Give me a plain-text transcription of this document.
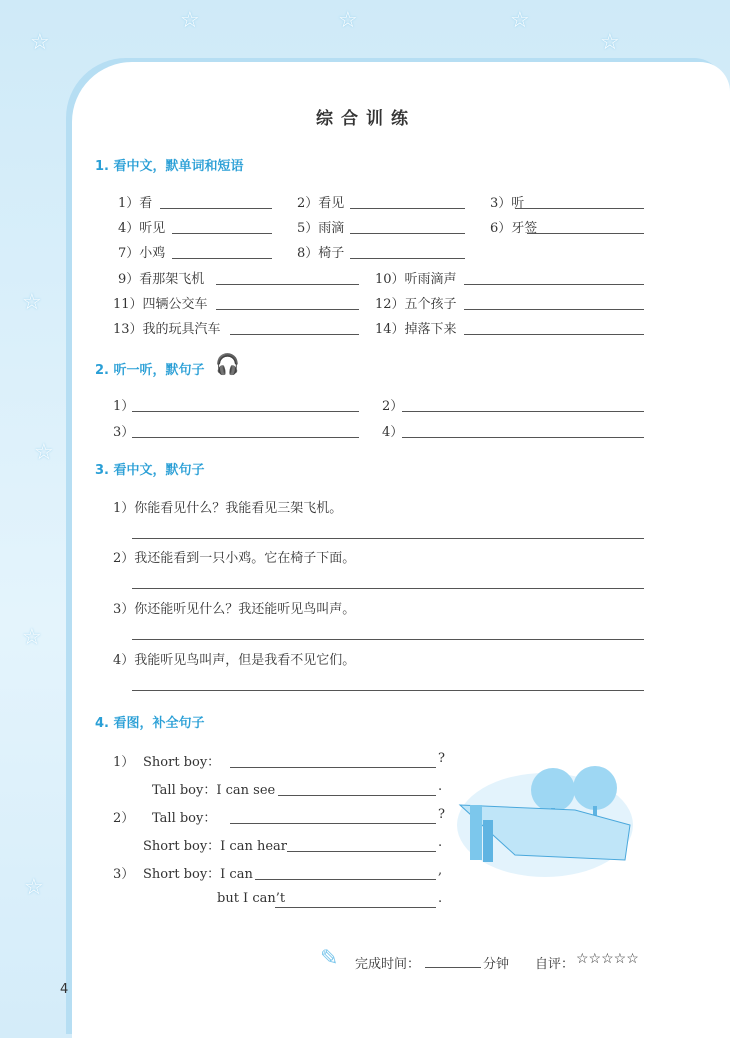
☆
☆	☆	☆
☆
☆
☆
☆
☆
综合训练
1. 看中文，默单词和短语
1）看	2）看见	3）听
4）听见	5）雨滴	6）牙签
7）小鸡	8）椅子
9）看那架飞机	10）听雨滴声
11）四辆公交车	12）五个孩子
13）我的玩具汽车	14）掉落下来
2. 听一听，默句子 🎧
1）	2）
3）	4）
3. 看中文，默句子
1）你能看见什么？我能看见三架飞机。
2）我还能看到一只小鸡。它在椅子下面。
3）你还能听见什么？我还能听见鸟叫声。
4）我能听见鸟叫声，但是我看不见它们。
4. 看图，补全句子
1） Short boy：	?
Tall boy：I can see	.
2） Tall boy：	?
Short boy：I can hear	.
3） Short boy：I can	,
but I can’t	.
✎ 完成时间：	分钟 自评： ☆☆☆☆☆
4
